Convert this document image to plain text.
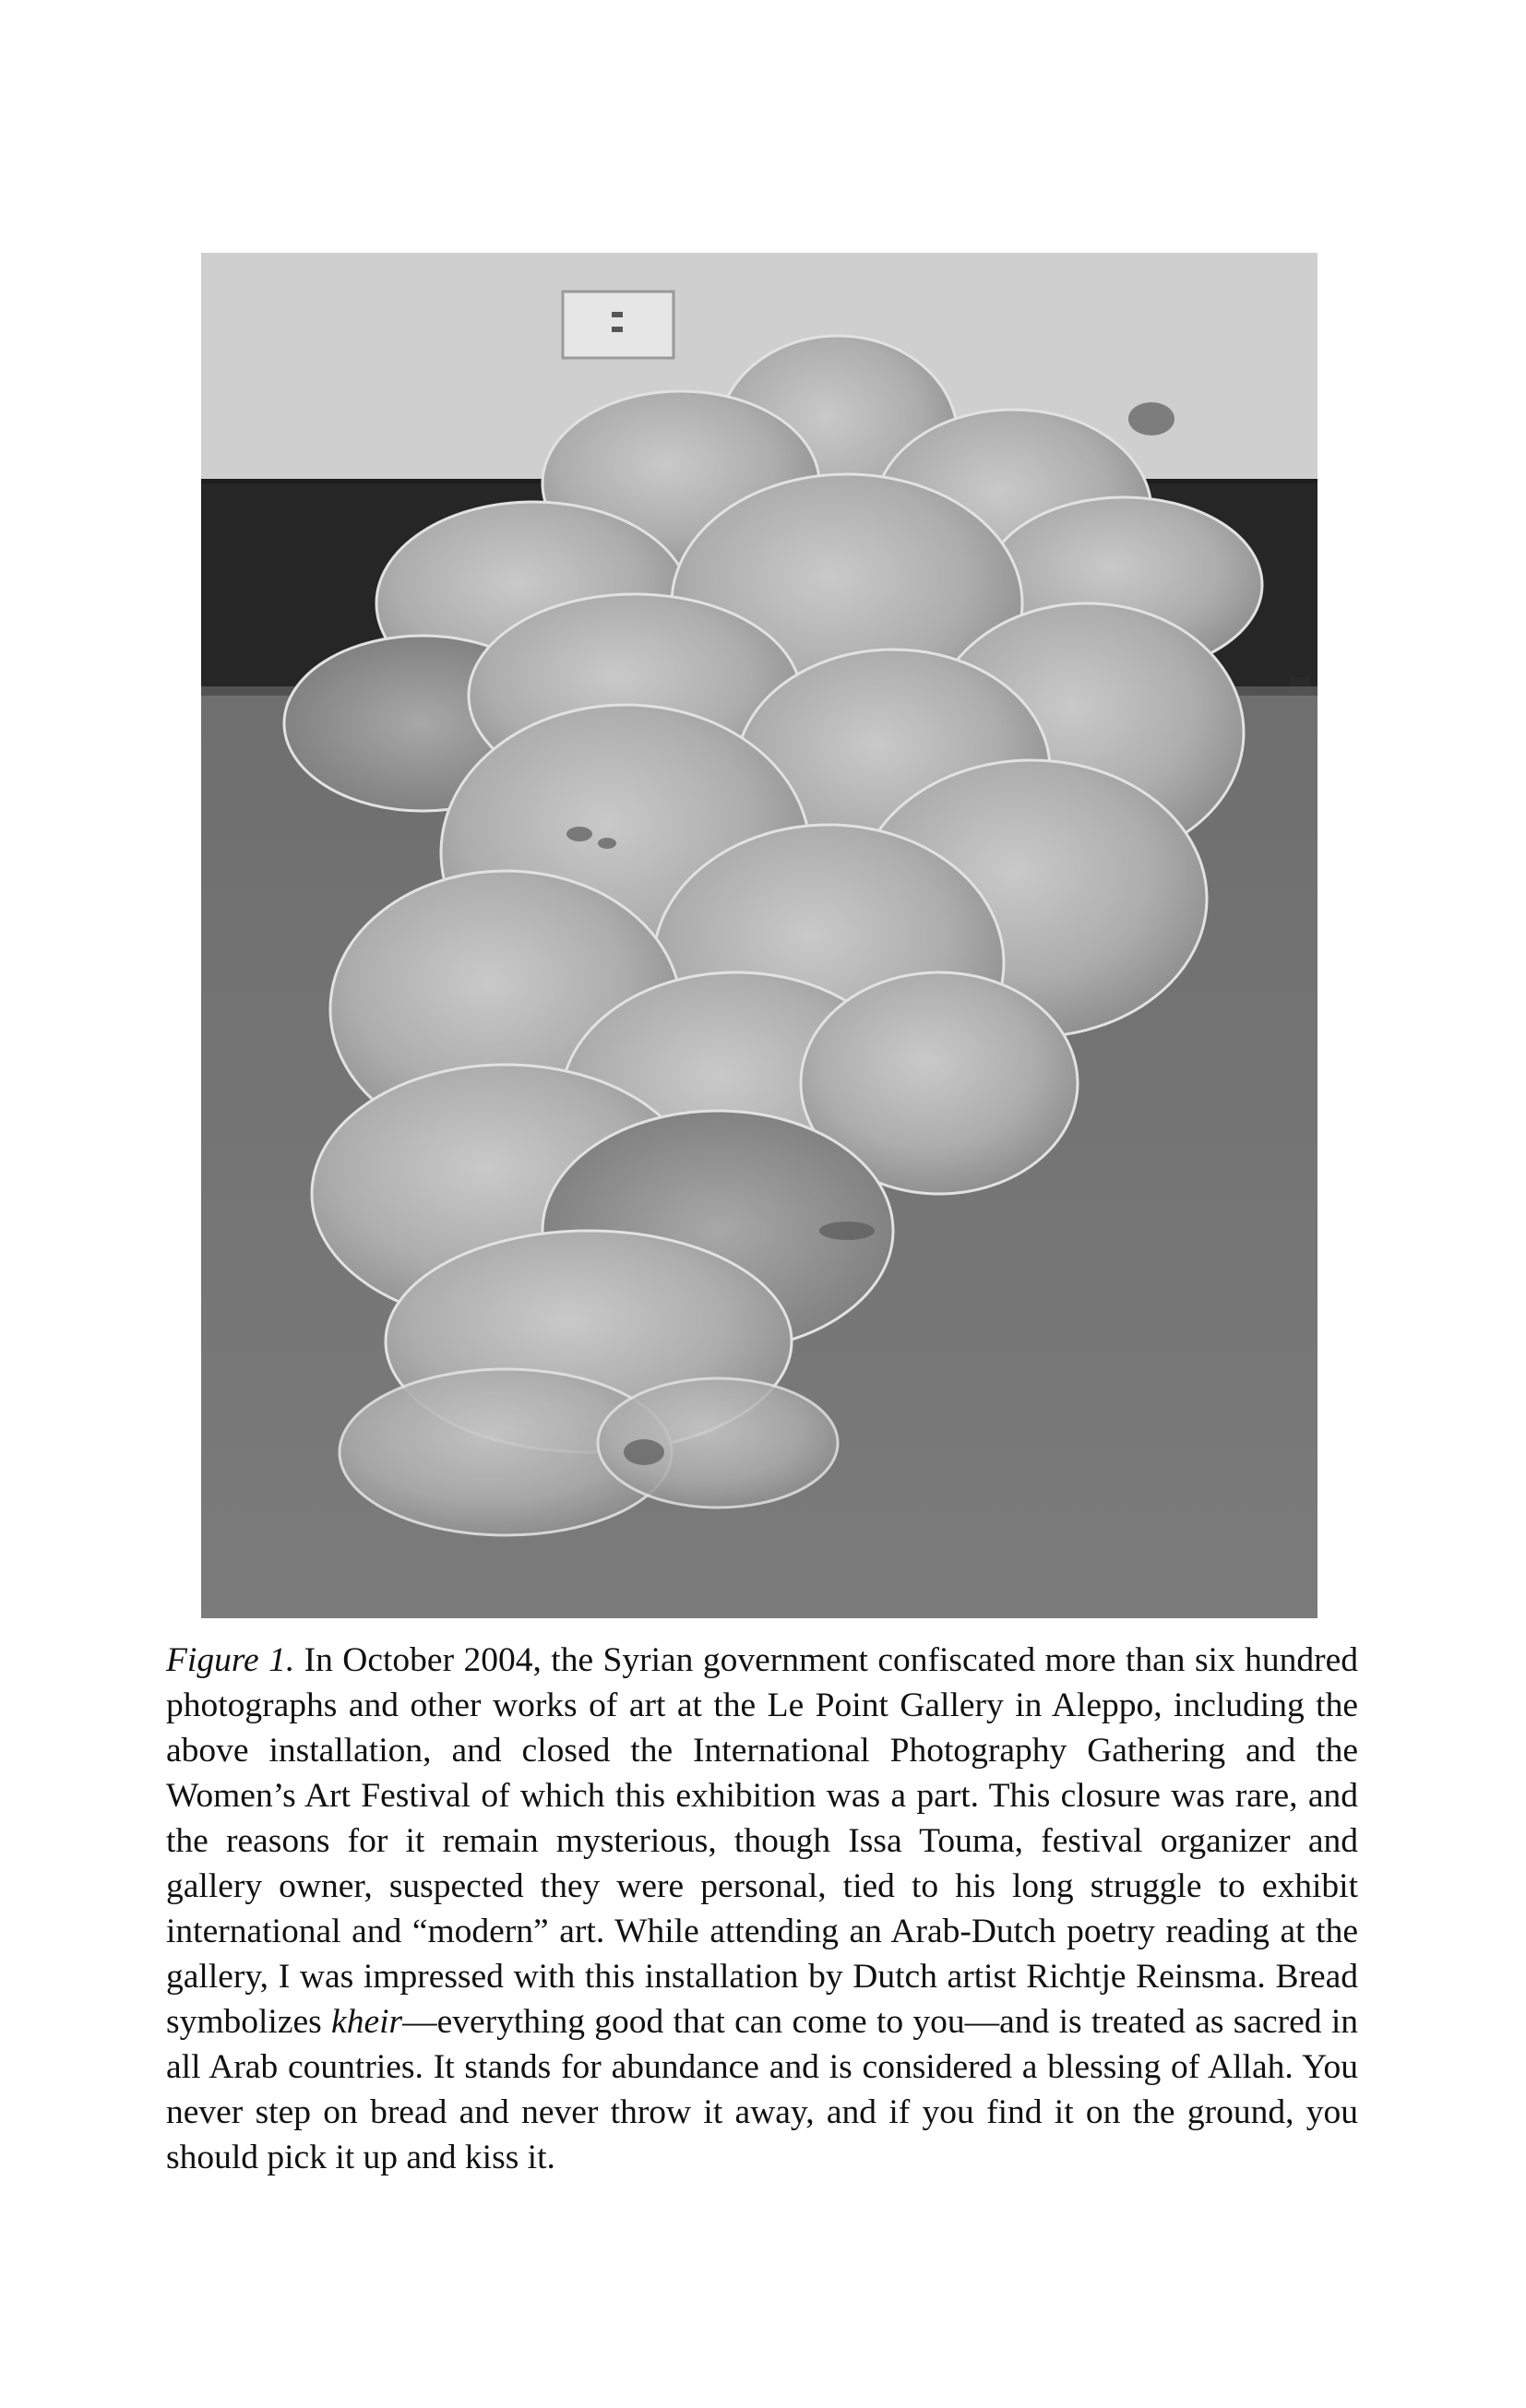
Figure 1. In October 2004, the Syrian government confiscated more than six hundred photographs and other works of art at the Le Point Gallery in Aleppo, including the above installation, and closed the International Photography Gathering and the Women’s Art Festival of which this exhibition was a part. This closure was rare, and the reasons for it remain mysterious, though Issa Touma, festival organizer and gallery owner, suspected they were personal, tied to his long struggle to exhibit international and “modern” art. While attending an Arab-Dutch poetry reading at the gallery, I was impressed with this installation by Dutch artist Richtje Reinsma. Bread symbolizes kheir—everything good that can come to you—and is treated as sacred in all Arab countries. It stands for abundance and is considered a blessing of Allah. You never step on bread and never throw it away, and if you find it on the ground, you should pick it up and kiss it.
